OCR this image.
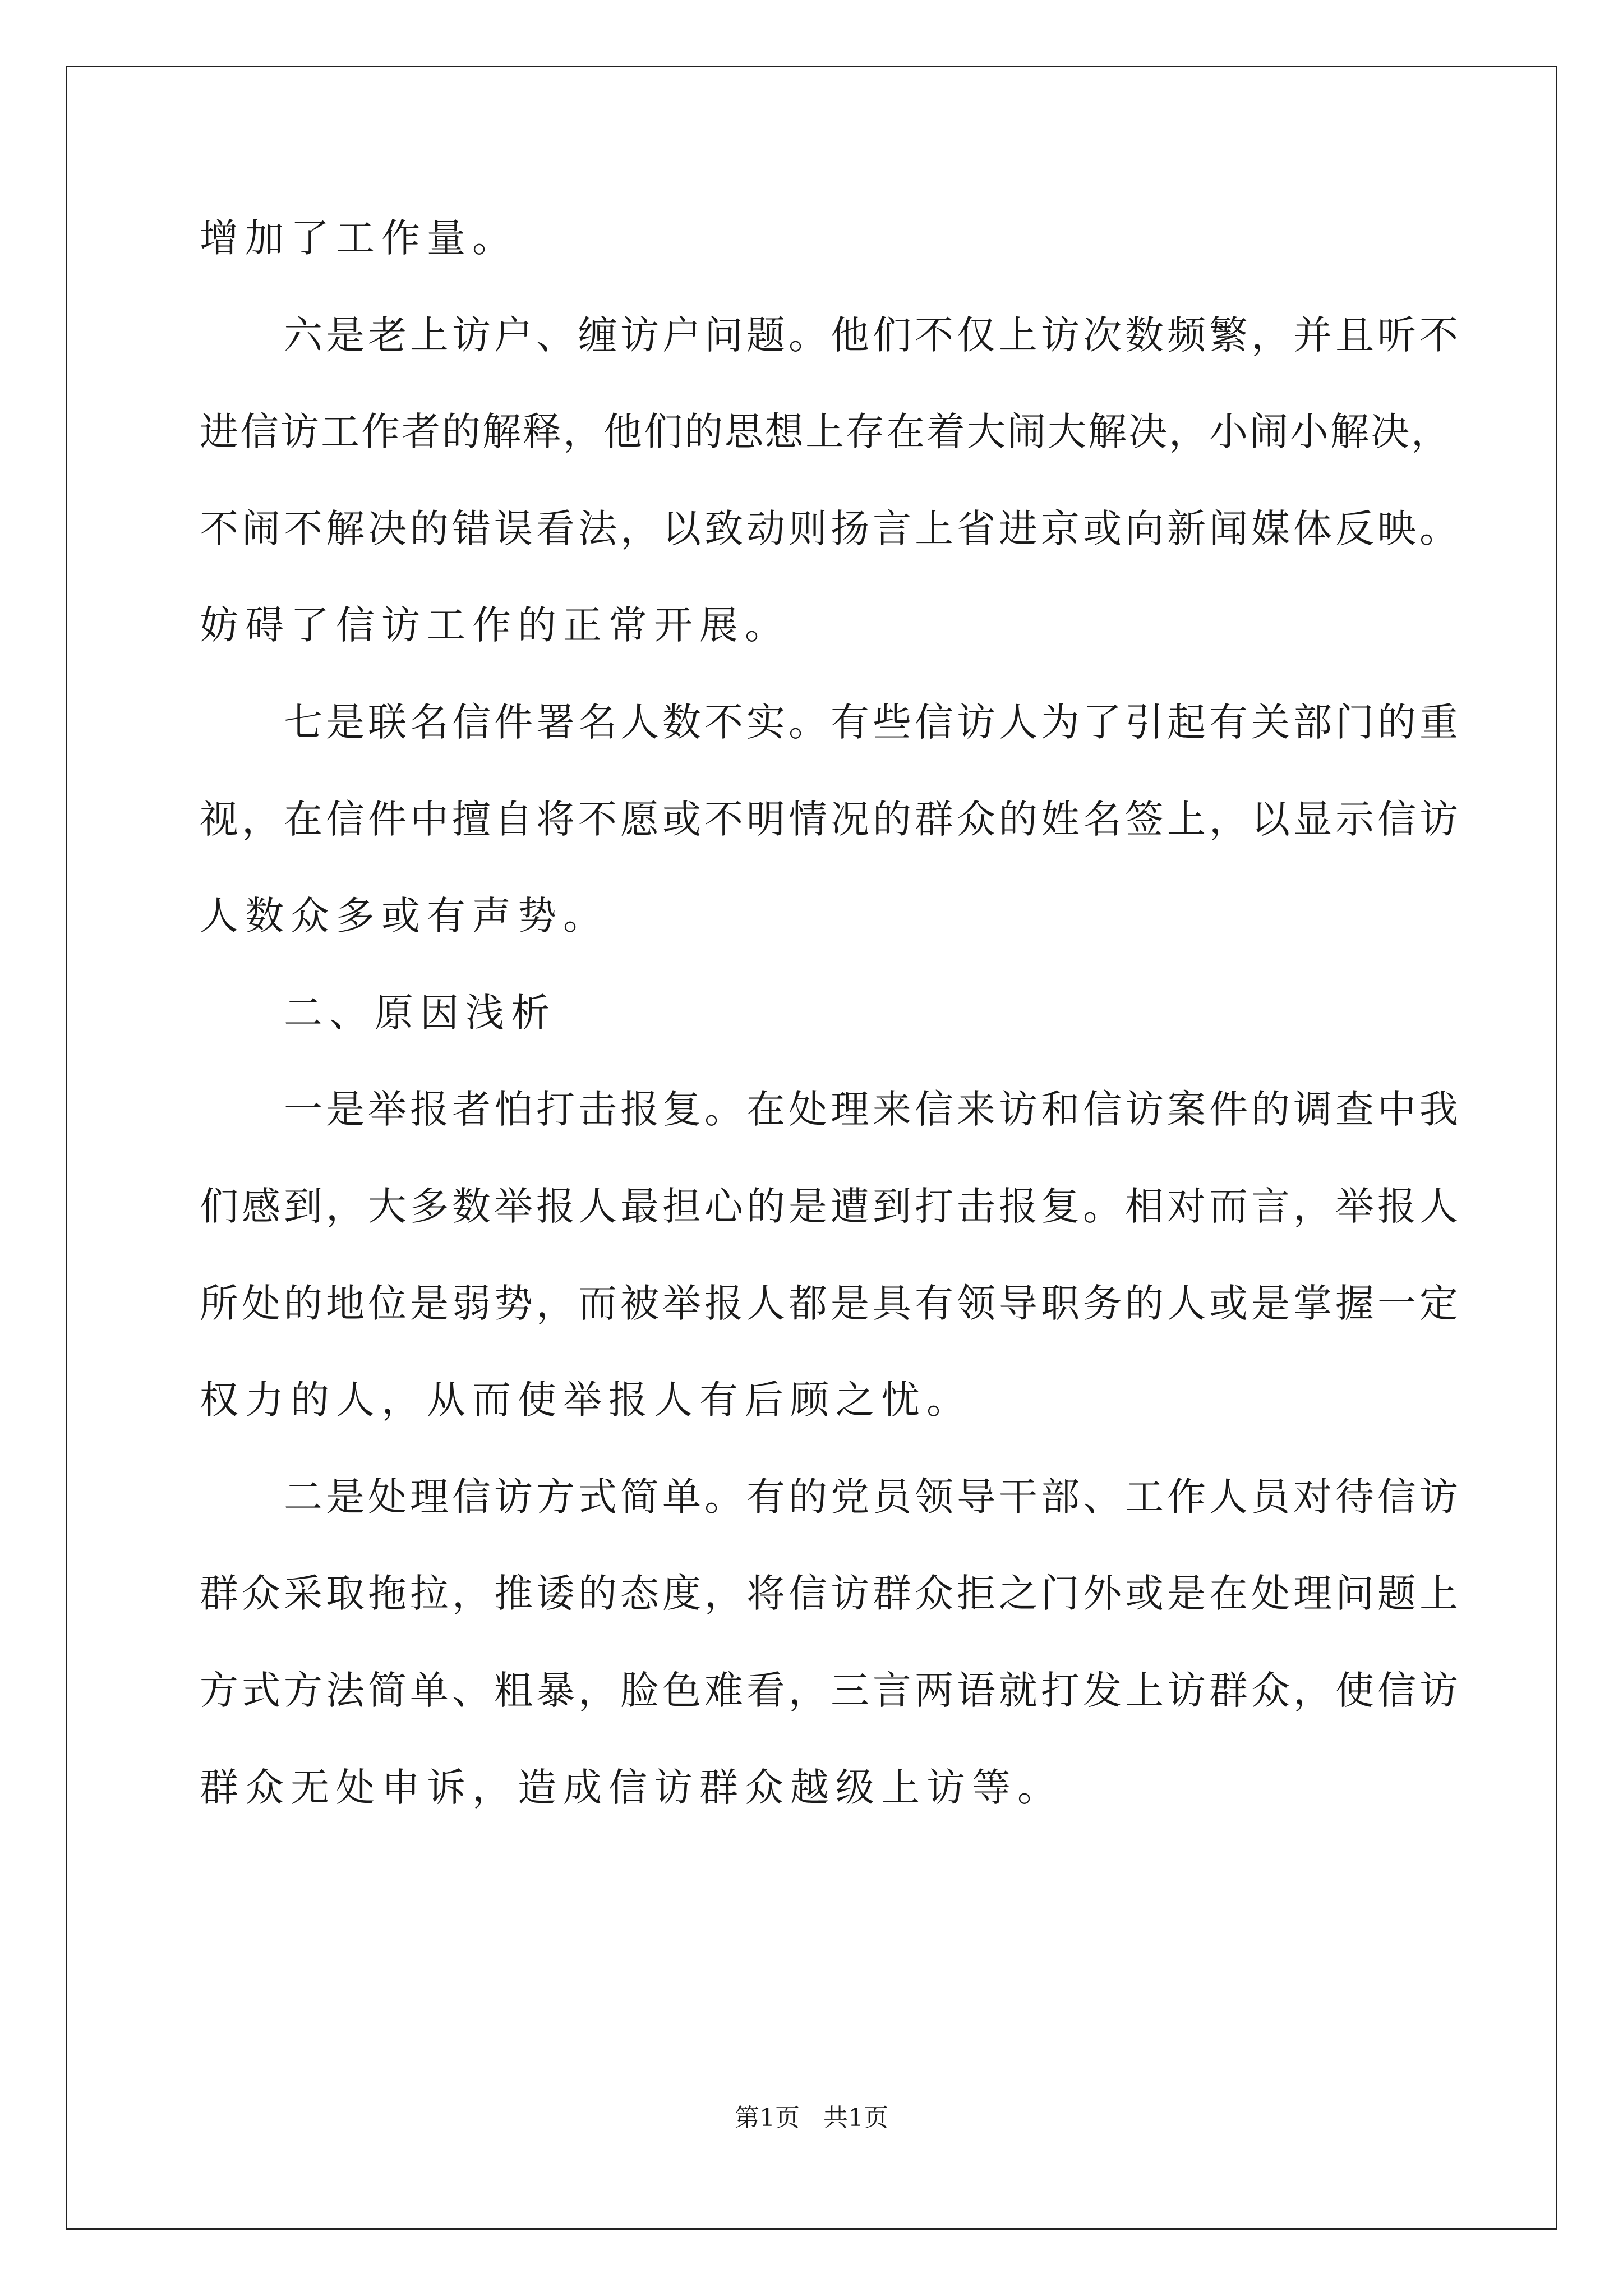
增加了工作量。
六是老上访户、缠访户问题。他们不仅上访次数频繁，并且听不
进信访工作者的解释，他们的思想上存在着大闹大解决，小闹小解决，
不闹不解决的错误看法，以致动则扬言上省进京或向新闻媒体反映。
妨碍了信访工作的正常开展。
七是联名信件署名人数不实。有些信访人为了引起有关部门的重
视，在信件中擅自将不愿或不明情况的群众的姓名签上，以显示信访
人数众多或有声势。
二、原因浅析
一是举报者怕打击报复。在处理来信来访和信访案件的调查中我
们感到，大多数举报人最担心的是遭到打击报复。相对而言，举报人
所处的地位是弱势，而被举报人都是具有领导职务的人或是掌握一定
权力的人，从而使举报人有后顾之忧。
二是处理信访方式简单。有的党员领导干部、工作人员对待信访
群众采取拖拉，推诿的态度，将信访群众拒之门外或是在处理问题上
方式方法简单、粗暴，脸色难看，三言两语就打发上访群众，使信访
群众无处申诉，造成信访群众越级上访等。
第1页   共1页
